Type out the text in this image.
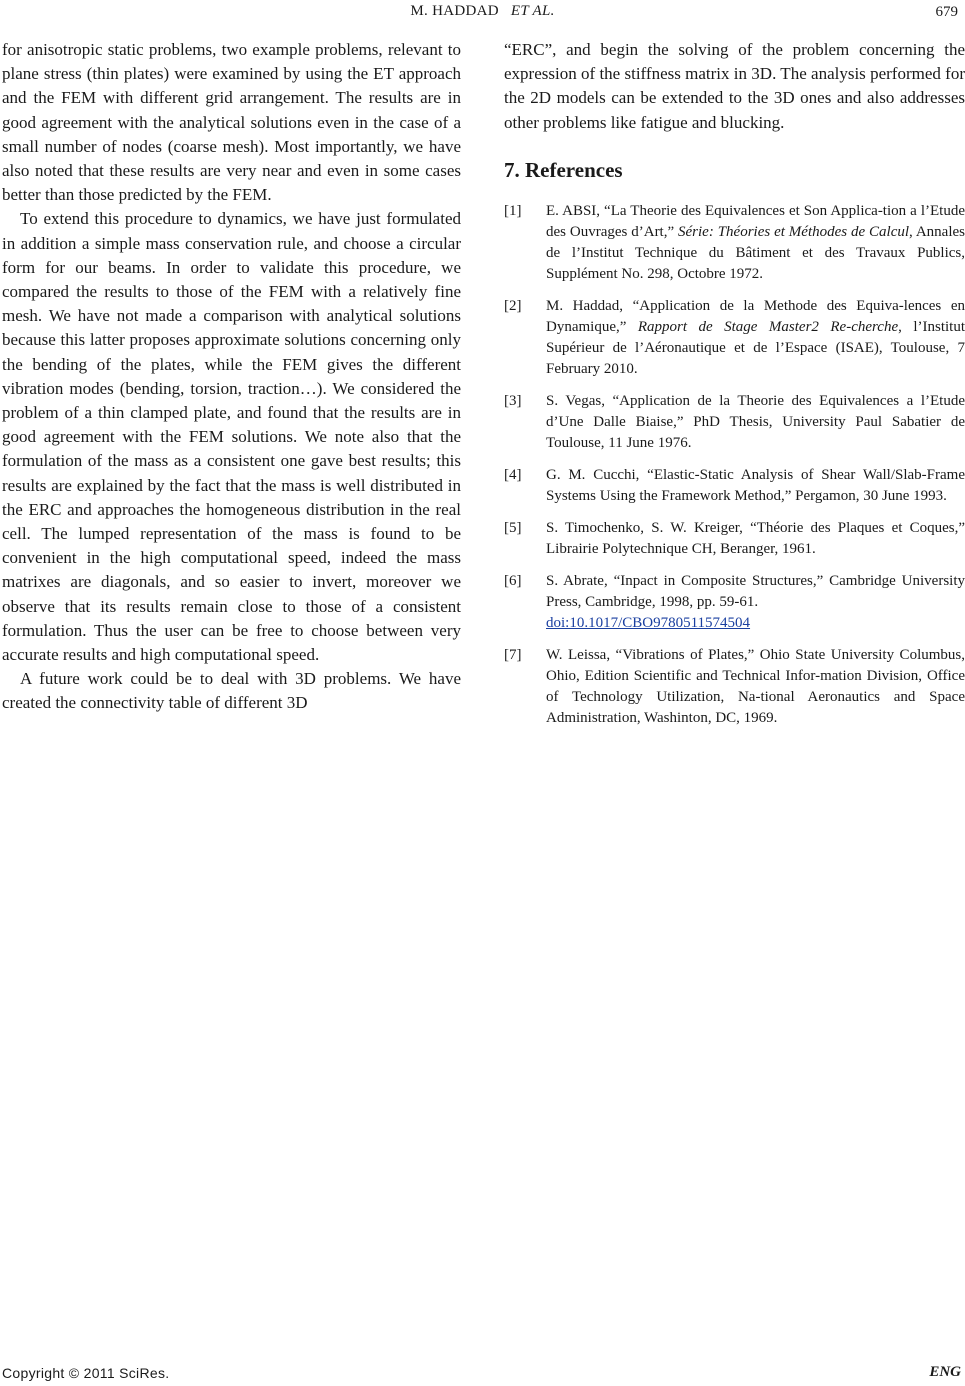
M. HADDAD ET AL.	679

for anisotropic static problems, two example problems, relevant to plane stress (thin plates) were examined by using the ET approach and the FEM with different grid arrangement. The results are in good agreement with the analytical solutions even in the case of a small number of nodes (coarse mesh). Most importantly, we have also noted that these results are very near and even in some cases better than those predicted by the FEM.

To extend this procedure to dynamics, we have just formulated in addition a simple mass conservation rule, and choose a circular form for our beams. In order to validate this procedure, we compared the results to those of the FEM with a relatively fine mesh. We have not made a comparison with analytical solutions because this latter proposes approximate solutions concerning only the bending of the plates, while the FEM gives the different vibration modes (bending, torsion, traction…). We considered the problem of a thin clamped plate, and found that the results are in good agreement with the FEM solutions. We note also that the formulation of the mass as a consistent one gave best results; this results are explained by the fact that the mass is well distributed in the ERC and approaches the homogeneous distribution in the real cell. The lumped representation of the mass is found to be convenient in the high computational speed, indeed the mass matrixes are diagonals, and so easier to invert, moreover we observe that its results remain close to those of a consistent formulation. Thus the user can be free to choose between very accurate results and high computational speed.

A future work could be to deal with 3D problems. We have created the connectivity table of different 3D

“ERC”, and begin the solving of the problem concerning the expression of the stiffness matrix in 3D. The analysis performed for the 2D models can be extended to the 3D ones and also addresses other problems like fatigue and blucking.

7. References
[1]	E. ABSI, “La Theorie des Equivalences et Son Applica-tion a l’Etude des Ouvrages d’Art,” Série: Théories et Méthodes de Calcul, Annales de l’Institut Technique du Bâtiment et des Travaux Publics, Supplément No. 298, Octobre 1972.
[2]	M. Haddad, “Application de la Methode des Equiva-lences en Dynamique,” Rapport de Stage Master2 Re-cherche, l’Institut Supérieur de l’Aéronautique et de l’Espace (ISAE), Toulouse, 7 February 2010.
[3]	S. Vegas, “Application de la Theorie des Equivalences a l’Etude d’Une Dalle Biaise,” PhD Thesis, University Paul Sabatier de Toulouse, 11 June 1976.
[4]	G. M. Cucchi, “Elastic-Static Analysis of Shear Wall/Slab-Frame Systems Using the Framework Method,” Pergamon, 30 June 1993.
[5]	S. Timochenko, S. W. Kreiger, “Théorie des Plaques et Coques,” Librairie Polytechnique CH, Beranger, 1961.
[6]	S. Abrate, “Inpact in Composite Structures,” Cambridge University Press, Cambridge, 1998, pp. 59-61.
doi:10.1017/CBO9780511574504
[7]	W. Leissa, “Vibrations of Plates,” Ohio State University Columbus, Ohio, Edition Scientific and Technical Infor-mation Division, Office of Technology Utilization, Na-tional Aeronautics and Space Administration, Washinton, DC, 1969.
Copyright © 2011 SciRes.	ENG
